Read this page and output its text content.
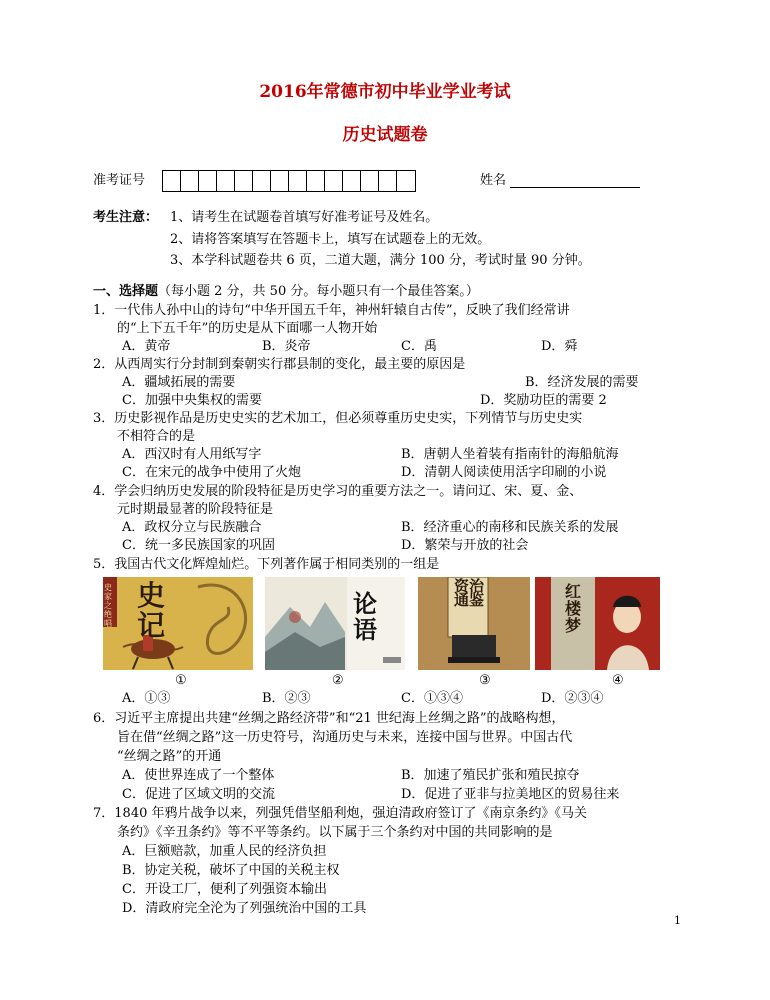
2016年常德市初中毕业学业考试
历史试题卷
准考证号	姓名
考生注意： 1、请考生在试题卷首填写好准考证号及姓名。
2、请将答案填写在答题卡上，填写在试题卷上的无效。
3、本学科试题卷共 6 页，二道大题，满分 100 分，考试时量 90 分钟。
一、选择题（每小题 2 分，共 50 分。每小题只有一个最佳答案。）
1．一代伟人孙中山的诗句“中华开国五千年，神州轩辕自古传”，反映了我们经常讲
的“上下五千年”的历史是从下面哪一人物开始
A．黄帝	B．炎帝	C．禹	D．舜
2．从西周实行分封制到秦朝实行郡县制的变化，最主要的原因是
A．疆域拓展的需要	B．经济发展的需要
C．加强中央集权的需要	D．奖励功臣的需要 2
3．历史影视作品是历史史实的艺术加工，但必须尊重历史史实，下列情节与历史史实
不相符合的是
A．西汉时有人用纸写字	B．唐朝人坐着装有指南针的海船航海
C．在宋元的战争中使用了火炮	D．清朝人阅读使用活字印刷的小说
4．学会归纳历史发展的阶段特征是历史学习的重要方法之一。请问辽、宋、夏、金、
元时期最显著的阶段特征是
A．政权分立与民族融合	B．经济重心的南移和民族关系的发展
C．统一多民族国家的巩固	D．繁荣与开放的社会
5．我国古代文化辉煌灿烂。下列著作属于相同类别的一组是
史记
史家之绝唱
论语
资治通鉴	红楼梦
①	②	③	④
A．①③	B．②③	C．①③④	D．②③④
6．习近平主席提出共建“丝绸之路经济带”和“21 世纪海上丝绸之路”的战略构想，
旨在借“丝绸之路”这一历史符号，沟通历史与未来，连接中国与世界。中国古代
“丝绸之路”的开通
A．使世界连成了一个整体	B．加速了殖民扩张和殖民掠夺
C．促进了区域文明的交流	D．促进了亚非与拉美地区的贸易往来
7．1840 年鸦片战争以来，列强凭借坚船利炮，强迫清政府签订了《南京条约》《马关
条约》《辛丑条约》等不平等条约。以下属于三个条约对中国的共同影响的是
A．巨额赔款，加重人民的经济负担
B．协定关税，破坏了中国的关税主权
C．开设工厂，便利了列强资本输出
D．清政府完全沦为了列强统治中国的工具
1
